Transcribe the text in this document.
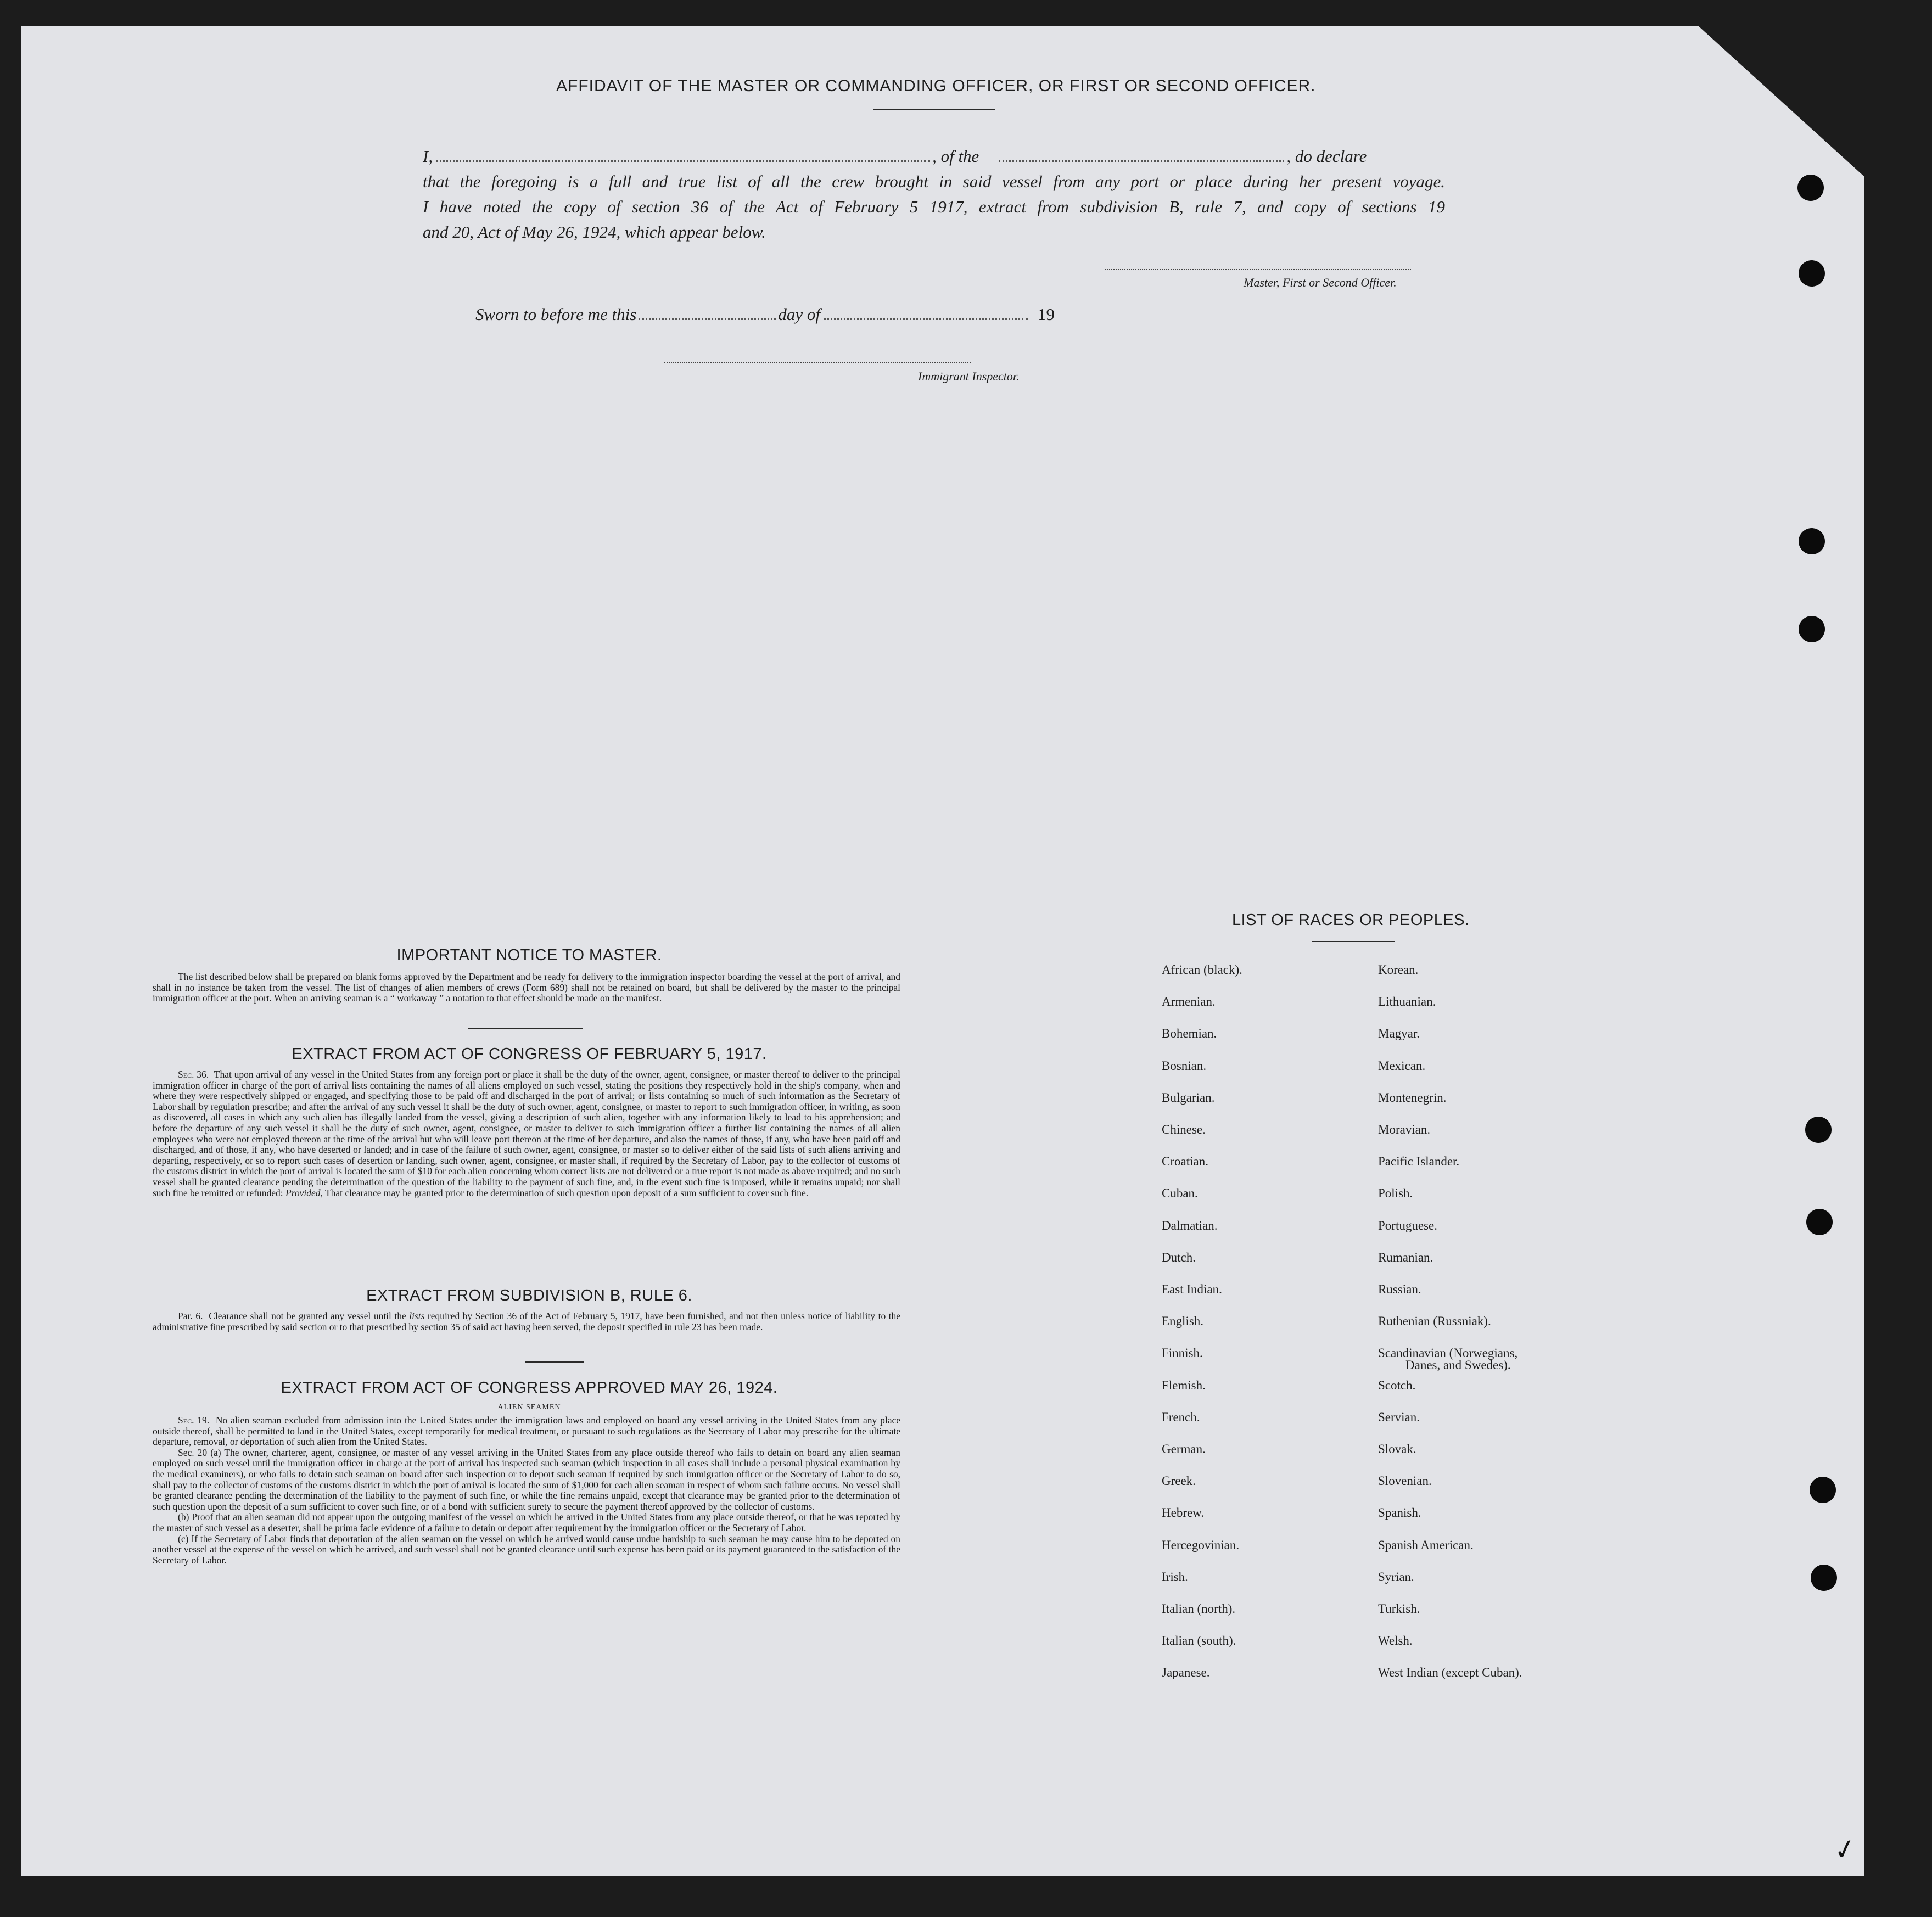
AFFIDAVIT OF THE MASTER OR COMMANDING OFFICER, OR FIRST OR SECOND OFFICER.
I,	, of the	, do declare
that the foregoing is a full and true list of all the crew brought in said vessel from any port or place during her present voyage.
I have noted the copy of section 36 of the Act of February 5 1917, extract from subdivision B, rule 7, and copy of sections 19
and 20, Act of May 26, 1924, which appear below.
Master, First or Second Officer.
Sworn to before me this	day of	19
Immigrant Inspector.
IMPORTANT NOTICE TO MASTER.

The list described below shall be prepared on blank forms approved by the Department and be ready for delivery to the immigration inspector boarding the vessel at the port of arrival, and shall in no instance be taken from the vessel. The list of changes of alien members of crews (Form 689) shall not be retained on board, but shall be delivered by the master to the principal immigration officer at the port. When an arriving seaman is a “ workaway ” a notation to that effect should be made on the manifest.

EXTRACT FROM ACT OF CONGRESS OF FEBRUARY 5, 1917.

Sec. 36. That upon arrival of any vessel in the United States from any foreign port or place it shall be the duty of the owner, agent, consignee, or master thereof to deliver to the principal immigration officer in charge of the port of arrival lists containing the names of all aliens employed on such vessel, stating the positions they respectively hold in the ship's company, when and where they were respectively shipped or engaged, and specifying those to be paid off and discharged in the port of arrival; or lists containing so much of such information as the Secretary of Labor shall by regulation prescribe; and after the arrival of any such vessel it shall be the duty of such owner, agent, consignee, or master to report to such immigration officer, in writing, as soon as discovered, all cases in which any such alien has illegally landed from the vessel, giving a description of such alien, together with any information likely to lead to his apprehension; and before the departure of any such vessel it shall be the duty of such owner, agent, consignee, or master to deliver to such immigration officer a further list containing the names of all alien employees who were not employed thereon at the time of the arrival but who will leave port thereon at the time of her departure, and also the names of those, if any, who have been paid off and discharged, and of those, if any, who have deserted or landed; and in case of the failure of such owner, agent, consignee, or master so to deliver either of the said lists of such aliens arriving and departing, respectively, or so to report such cases of desertion or landing, such owner, agent, consignee, or master shall, if required by the Secretary of Labor, pay to the collector of customs of the customs district in which the port of arrival is located the sum of $10 for each alien concerning whom correct lists are not delivered or a true report is not made as above required; and no such vessel shall be granted clearance pending the determination of the question of the liability to the payment of such fine, and, in the event such fine is imposed, while it remains unpaid; nor shall such fine be remitted or refunded: Provided, That clearance may be granted prior to the determination of such question upon deposit of a sum sufficient to cover such fine.

EXTRACT FROM SUBDIVISION B, RULE 6.

Par. 6. Clearance shall not be granted any vessel until the lists required by Section 36 of the Act of February 5, 1917, have been furnished, and not then unless notice of liability to the administrative fine prescribed by said section or to that prescribed by section 35 of said act having been served, the deposit specified in rule 23 has been made.

EXTRACT FROM ACT OF CONGRESS APPROVED MAY 26, 1924.
ALIEN SEAMEN

Sec. 19. No alien seaman excluded from admission into the United States under the immigration laws and employed on board any vessel arriving in the United States from any place outside thereof, shall be permitted to land in the United States, except temporarily for medical treatment, or pursuant to such regulations as the Secretary of Labor may prescribe for the ultimate departure, removal, or deportation of such alien from the United States.

Sec. 20 (a) The owner, charterer, agent, consignee, or master of any vessel arriving in the United States from any place outside thereof who fails to detain on board any alien seaman employed on such vessel until the immigration officer in charge at the port of arrival has inspected such seaman (which inspection in all cases shall include a personal physical examination by the medical examiners), or who fails to detain such seaman on board after such inspection or to deport such seaman if required by such immigration officer or the Secretary of Labor to do so, shall pay to the collector of customs of the customs district in which the port of arrival is located the sum of $1,000 for each alien seaman in respect of whom such failure occurs. No vessel shall be granted clearance pending the determination of the liability to the payment of such fine, or while the fine remains unpaid, except that clearance may be granted prior to the determination of such question upon the deposit of a sum sufficient to cover such fine, or of a bond with sufficient surety to secure the payment thereof approved by the collector of customs.

(b) Proof that an alien seaman did not appear upon the outgoing manifest of the vessel on which he arrived in the United States from any place outside thereof, or that he was reported by the master of such vessel as a deserter, shall be prima facie evidence of a failure to detain or deport after requirement by the immigration officer or the Secretary of Labor.

(c) If the Secretary of Labor finds that deportation of the alien seaman on the vessel on which he arrived would cause undue hardship to such seaman he may cause him to be deported on another vessel at the expense of the vessel on which he arrived, and such vessel shall not be granted clearance until such expense has been paid or its payment guaranteed to the satisfaction of the Secretary of Labor.

LIST OF RACES OR PEOPLES.
African (black).
Armenian.
Bohemian.
Bosnian.
Bulgarian.
Chinese.
Croatian.
Cuban.
Dalmatian.
Dutch.
East Indian.
English.
Finnish.
Flemish.
French.
German.
Greek.
Hebrew.
Hercegovinian.
Irish.
Italian (north).
Italian (south).
Japanese.
Korean.
Lithuanian.
Magyar.
Mexican.
Montenegrin.
Moravian.
Pacific Islander.
Polish.
Portuguese.
Rumanian.
Russian.
Ruthenian (Russniak).
Scandinavian (Norwegians,
Scotch.
Servian.
Slovak.
Slovenian.
Spanish.
Spanish American.
Syrian.
Turkish.
Welsh.
West Indian (except Cuban).
Danes, and Swedes).
✓
